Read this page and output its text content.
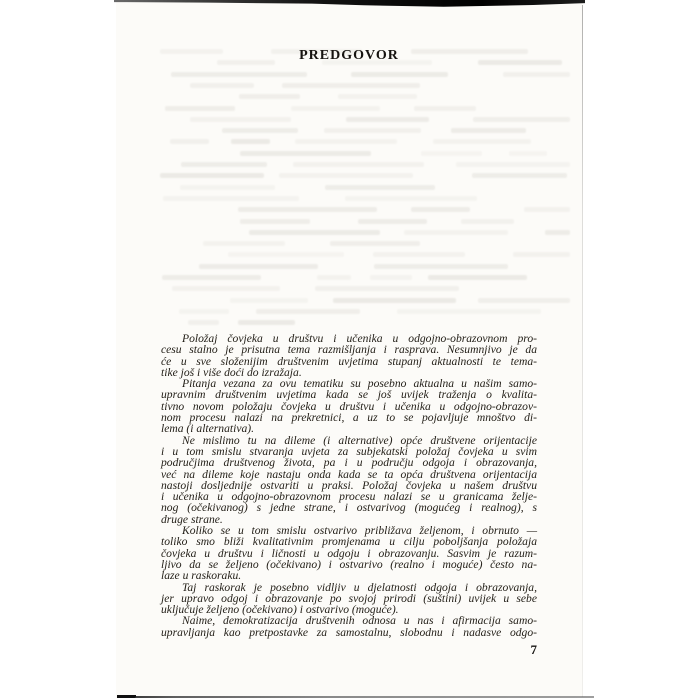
PREDGOVOR
Položaj čovjeka u društvu i učenika u odgojno-obrazovnom pro-
cesu stalno je prisutna tema razmišljanja i rasprava. Nesumnjivo je da
će u sve složenijim društvenim uvjetima stupanj aktualnosti te tema-
tike još i više doći do izražaja.
Pitanja vezana za ovu tematiku su posebno aktualna u našim samo-
upravnim društvenim uvjetima kada se još uvijek traženja o kvalita-
tivno novom položaju čovjeka u društvu i učenika u odgojno-obrazov-
nom procesu nalazi na prekretnici, a uz to se pojavljuje mnoštvo di-
lema (i alternativa).
Ne mislimo tu na dileme (i alternative) opće društvene orijentacije
i u tom smislu stvaranja uvjeta za subjekatski položaj čovjeka u svim
područjima društvenog života, pa i u području odgoja i obrazovanja,
već na dileme koje nastaju onda kada se ta opća društvena orijentacija
nastoji dosljednije ostvariti u praksi. Položaj čovjeka u našem društvu
i učenika u odgojno-obrazovnom procesu nalazi se u granicama želje-
nog (očekivanog) s jedne strane, i ostvarivog (mogućeg i realnog), s
druge strane.
Koliko se u tom smislu ostvarivo približava željenom, i obrnuto —
toliko smo bliži kvalitativnim promjenama u cilju poboljšanja položaja
čovjeka u društvu i ličnosti u odgoju i obrazovanju. Sasvim je razum-
ljivo da se željeno (očekivano) i ostvarivo (realno i moguće) često na-
laze u raskoraku.
Taj raskorak je posebno vidljiv u djelatnosti odgoja i obrazovanja,
jer upravo odgoj i obrazovanje po svojoj prirodi (suštini) uvijek u sebe
uključuje željeno (očekivano) i ostvarivo (moguće).
Naime, demokratizacija društvenih odnosa u nas i afirmacija samo-
upravljanja kao pretpostavke za samostalnu, slobodnu i nadasve odgo-
7
